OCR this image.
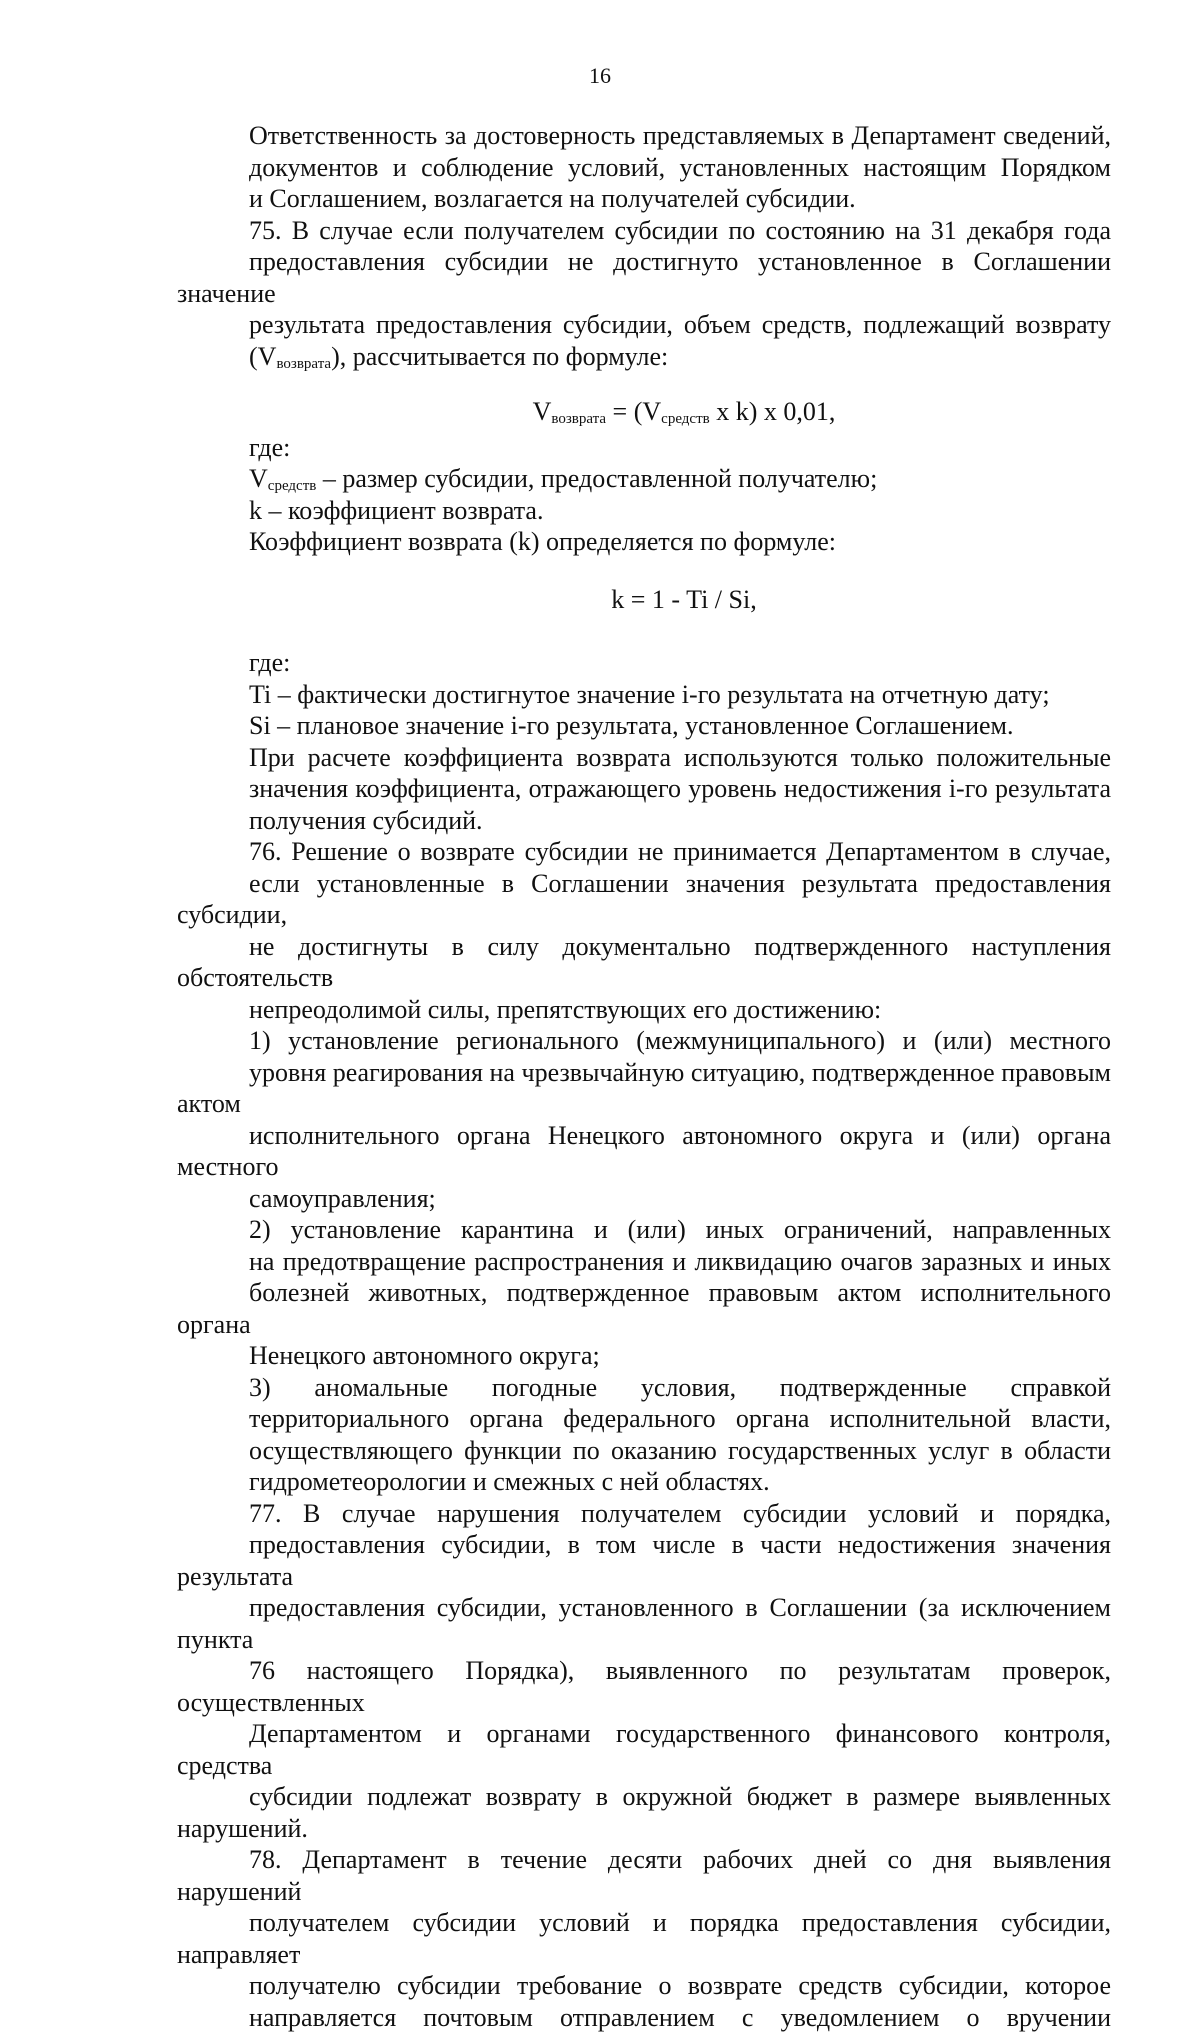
16
Ответственность за достоверность представляемых в Департамент сведений,
документов и соблюдение условий, установленных настоящим Порядком
и Соглашением, возлагается на получателей субсидии.
75. В случае если получателем субсидии по состоянию на 31 декабря года
предоставления субсидии не достигнуто установленное в Соглашении значение
результата предоставления субсидии, объем средств, подлежащий возврату
$(V_{возврата})$, рассчитывается по формуле:
$V_{возврата} = (V_{средств}$ x k) x 0,01,
где:
$V_{средств}$ – размер субсидии, предоставленной получателю;
k – коэффициент возврата.
Коэффициент возврата (k) определяется по формуле:
k = 1 - Ti / Si,
где:
Ti – фактически достигнутое значение i-го результата на отчетную дату;
Si – плановое значение i-го результата, установленное Соглашением.
При расчете коэффициента возврата используются только положительные
значения коэффициента, отражающего уровень недостижения i-го результата
получения субсидий.
76. Решение о возврате субсидии не принимается Департаментом в случае,
если установленные в Соглашении значения результата предоставления субсидии,
не достигнуты в силу документально подтвержденного наступления обстоятельств
непреодолимой силы, препятствующих его достижению:
1) установление регионального (межмуниципального) и (или) местного
уровня реагирования на чрезвычайную ситуацию, подтвержденное правовым актом
исполнительного органа Ненецкого автономного округа и (или) органа местного
самоуправления;
2) установление карантина и (или) иных ограничений, направленных
на предотвращение распространения и ликвидацию очагов заразных и иных
болезней животных, подтвержденное правовым актом исполнительного органа
Ненецкого автономного округа;
3) аномальные погодные условия, подтвержденные справкой
территориального органа федерального органа исполнительной власти,
осуществляющего функции по оказанию государственных услуг в области
гидрометеорологии и смежных с ней областях.
77. В случае нарушения получателем субсидии условий и порядка,
предоставления субсидии, в том числе в части недостижения значения результата
предоставления субсидии, установленного в Соглашении (за исключением пункта
76 настоящего Порядка), выявленного по результатам проверок, осуществленных
Департаментом и органами государственного финансового контроля, средства
субсидии подлежат возврату в окружной бюджет в размере выявленных нарушений.
78. Департамент в течение десяти рабочих дней со дня выявления нарушений
получателем субсидии условий и порядка предоставления субсидии, направляет
получателю субсидии требование о возврате средств субсидии, которое
направляется почтовым отправлением с уведомлением о вручении
